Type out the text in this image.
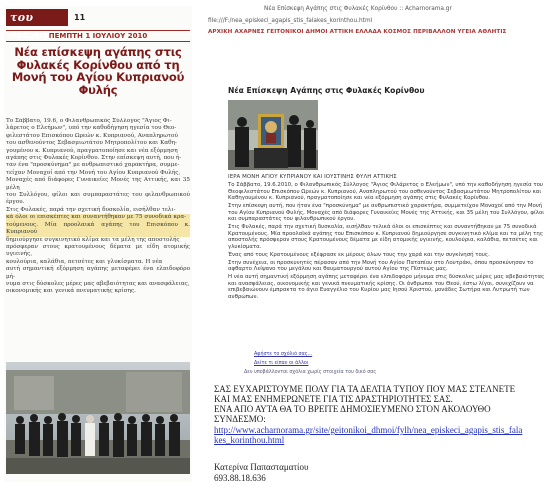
του ΜΕΛΛΟΝ
11
ΠΕΜΠΤΗ 1 ΙΟΥΛΙΟΥ 2010
Νέα επίσκεψη αγάπης στις Φυλακές Κορίνθου από τη Μονή του Αγίου Κυπριανού Φυλής
Το Σάββατο, 19.6, ο Φιλανθρωπικός Σύλλογος "Άγιος Φι-
λάρετος ο Ελεήμων", υπό την καθοδήγηση ηγεσία του Θεο-
φιλεστάτου Επισκόπου Ωρεών κ. Κυπριανού, Αναπληρωτού
του ασθενούντος Σεβασμιωτάτου Μητροπολίτου και Καθη-
γουμένου κ. Κυπριανού, πραγματοποίησε και νέα εξόρμηση
αγάπης στις Φυλακές Κορίνθου. Στην επίσκεψη αυτή, που ή-
ταν ένα "προσκύνημα" με ανθρωπιστικό χαρακτήρα, συμμε-
τείχαν Μοναχοί από την Μονή του Αγίου Κυπριανού Φυλής,
Μοναχές από διάφορες Γυναικείες Μονές της Αττικής, και 35 μέλη
του Συλλόγου, φίλοι και συμπαραστάτες του φιλανθρωπικού έργου.
Στις Φυλακές, παρά την σχετική δυσκολία, εισήλθαν τελι-
κά όλοι οι επισκέπτες και συναντήθηκαν με 75 συνοδικά κρα-
τούμενους. Μία προολαικά αγάπης του Επισκόπου κ. Κυπριανού
δημιούργησε συγκινητικό κλίμα και τα μέλη της αποστολής
πρόσφεραν στους κρατουμένους δέματα με είδη ατομικής υγιεινής,
κουλούρια, καλάθια, πετσέτες και γλυκίσματα. Η νέα
αυτή σημαντική εξόρμηση αγάπης μεταφέρει ένα ελπιδοφόρο μή-
νυμα στις δύσκολες μέρες μας αβεβαιότητας και ανασφάλειας,
οικονομικής και γενικά πνευματικής κρίσης.
Νέα Επίσκεψη Αγάπης στις Φυλακές Κορίνθου :: Acharnorama.gr
file:///F:/nea_episkeci_agapis_stis_falakes_korinthou.html
ΑΡΧΙΚΗ ΑΧΑΡΝΕΣ ΓΕΙΤΟΝΙΚΟΙ ΔΗΜΟΙ ΑΤΤΙΚΗ ΕΛΛΑΔΑ ΚΟΣΜΟΣ ΠΕΡΙΒΑΛΛΟΝ ΥΓΕΙΑ ΑΘΛΗΤΙΣ
Νέα Επίσκεψη Αγάπης στις Φυλακές Κορίνθου
ΙΕΡΑ ΜΟΝΗ ΑΓΙΟΥ ΚΥΠΡΙΑΝΟΥ ΚΑΙ ΙΟΥΣΤΙΝΗΣ ΦΥΛΗ ΑΤΤΙΚΗΣ

Το Σάββατο, 19.6.2010, ο Φιλανθρωπικός Σύλλογος "Άγιος Φιλάρετος ο Ελεήμων", υπό την καθοδήγηση ηγεσία του Θεοφιλεστάτου Επισκόπου Ωρεών κ. Κυπριανού, Αναπληρωτού του ασθενούντος Σεβασμιωτάτου Μητροπολίτου και Καθηγουμένου κ. Κυπριανού, πραγματοποίησε και νέα εξόρμηση αγάπης στις Φυλακές Κορίνθου.

Στην επίσκεψη αυτή, που ήταν ένα "προσκύνημα" με ανθρωπιστικό χαρακτήρα, συμμετείχαν Μοναχοί από την Μονή του Αγίου Κυπριανού Φυλής, Μοναχές από διάφορες Γυναικείες Μονές της Αττικής, και 35 μέλη του Συλλόγου, φίλοι και συμπαραστάτες του φιλανθρωπικού έργου.

Στις Φυλακές, παρά την σχετική δυσκολία, εισήλθαν τελικά όλοι οι επισκέπτες και συναντήθηκαν με 75 συνοδικά Κρατουμένους. Μία προολαϊκά αγάπης του Επισκόπου κ. Κυπριανού δημιούργησε συγκινητικό κλίμα και τα μέλη της αποστολής πρόσφεραν στους Κρατουμένους δέματα με είδη ατομικής υγιεινής, κουλούρια, καλάθια, πετσέτες και γλυκίσματα.

Ένας από τους Κρατουμένους εξέφρασε εκ μέρους όλων τους την χαρά και την συγκίνησή τους.

Στην συνέχεια, οι προσκυνητές πέρασαν από την Μονή του Αγίου Παταπίου στο Λουτράκι, όπου προσκύνησαν το αφθαρτο Λείψανο του μεγάλου και θαυματουργού αυτού Αγίου της Πίστεώς μας.

Η νέα αυτή σημαντική εξόρμηση αγάπης μεταφέρει ένα ελπιδοφόρο μήνυμα στις δύσκολες μέρες μας αβεβαιότητας και ανασφάλειας, οικονομικής και γενικά πνευματικής κρίσης. Οι άνθρωποι του Θεού, έστω λίγοι, συνεχίζουν να επιβεβαιώνουν έμπρακτα το άγιο Ευαγγέλιο του Κυρίου μας Ιησού Χριστού, μονάδες Σωτήρα και Λυτρωτή των ανθρώπων.

Αφήστε το σχόλιό σας...
Δείτε τι είπαν οι άλλοι
Δεν υποβάλλονται σχόλια χωρίς στοιχεία του δικό σας
ΣΑΣ ΕΥΧΑΡΙΣΤΟΥΜΕ ΠΟΛΥ ΓΙΑ ΤΑ ΔΕΛΤΙΑ ΤΥΠΟΥ ΠΟΥ ΜΑΣ ΣΤΕΛΝΕΤΕ
ΚΑΙ ΜΑΣ ΕΝΗΜΕΡΩΝΕΤΕ ΓΙΑ ΤΙΣ ΔΡΑΣΤΗΡΙΟΤΗΤΕΣ ΣΑΣ.
ΕΝΑ ΑΠΟ ΑΥΤΑ ΘΑ ΤΟ ΒΡΕΙΤΕ ΔΗΜΟΣΙΕΥΜΕΝΟ ΣΤΟΝ ΑΚΟΛΟΥΘΟ
ΣΥΝΔΕΣΜΟ:
http://www.acharnorama.gr/site/geitonikoi_dhmoi/fylh/nea_episkeci_agapis_stis_fala
kes_korinthou.html
Κατερίνα Παπασταματίου
693.88.18.636
